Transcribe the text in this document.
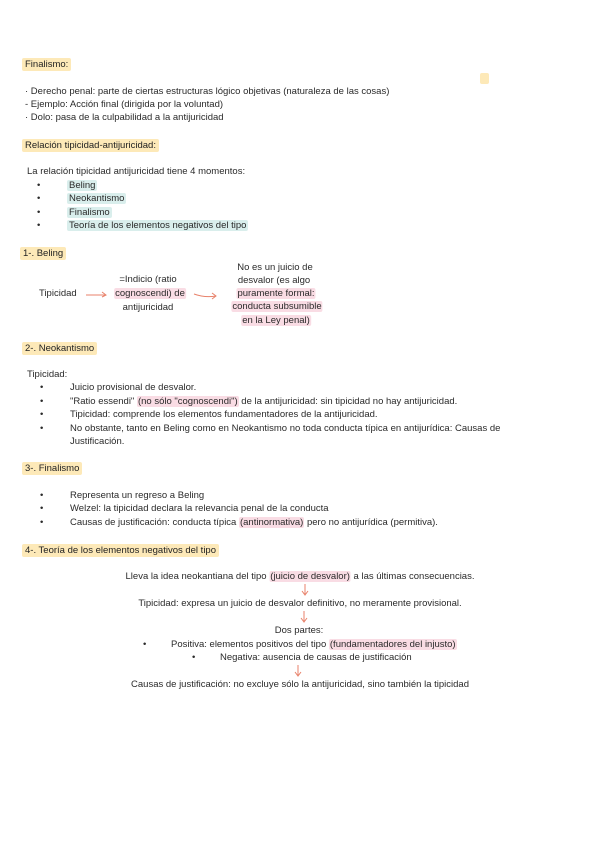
Finalismo:
· Derecho penal: parte de ciertas estructuras lógico objetivas (naturaleza de las cosas)
- Ejemplo: Acción final (dirigida por la voluntad)
· Dolo: pasa de la culpabilidad a la antijuricidad
Relación tipicidad-antijuricidad:
La relación tipicidad antijuricidad tiene 4 momentos:
• Beling
• Neokantismo
• Finalismo
• Teoría de los elementos negativos del tipo
1-. Beling
Tipicidad
=Indicio (ratio
cognoscendi) de
antijuricidad
No es un juicio de
desvalor (es algo
puramente formal:
conducta subsumible
en la Ley penal)
2-. Neokantismo
Tipicidad:
• Juicio provisional de desvalor.
• "Ratio essendi" (no sólo "cognoscendi") de la antijuricidad: sin tipicidad no hay antijuricidad.
• Tipicidad: comprende los elementos fundamentadores de la antijuricidad.
• No obstante, tanto en Beling como en Neokantismo no toda conducta típica en antijurídica: Causas de
Justificación.
3-. Finalismo
• Representa un regreso a Beling
• Welzel: la tipicidad declara la relevancia penal de la conducta
• Causas de justificación: conducta típica (antinormativa) pero no antijurídica (permitiva).
4-. Teoría de los elementos negativos del tipo
Lleva la idea neokantiana del tipo (juicio de desvalor) a las últimas consecuencias.
Tipicidad: expresa un juicio de desvalor definitivo, no meramente provisional.
Dos partes:
•	Positiva: elementos positivos del tipo (fundamentadores del injusto)
•	Negativa: ausencia de causas de justificación
Causas de justificación: no excluye sólo la antijuricidad, sino también la tipicidad
